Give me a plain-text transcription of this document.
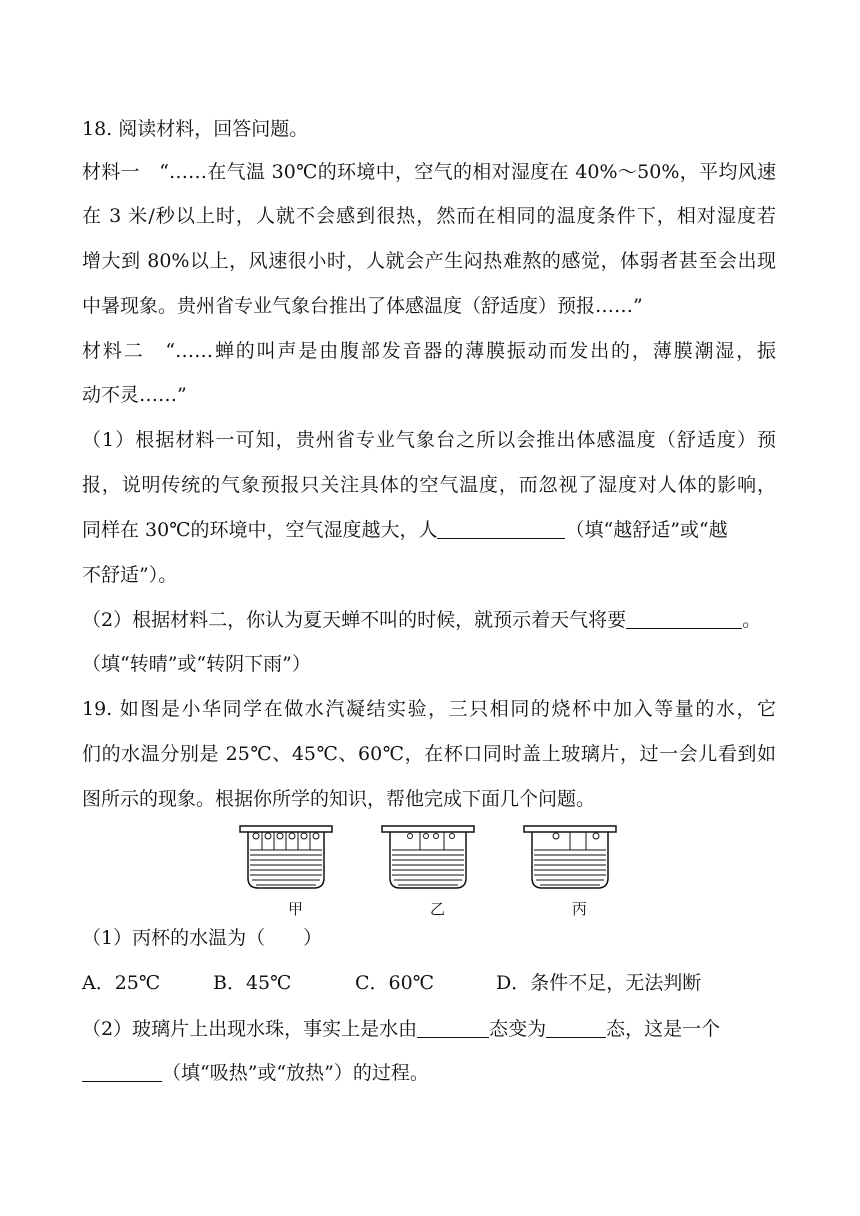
18. 阅读材料，回答问题。
材料一　“……在气温 30℃的环境中，空气的相对湿度在 40%～50%，平均风速
在 3 米/秒以上时，人就不会感到很热，然而在相同的温度条件下，相对湿度若
增大到 80%以上，风速很小时，人就会产生闷热难熬的感觉，体弱者甚至会出现
中暑现象。贵州省专业气象台推出了体感温度（舒适度）预报……”
材料二　“……蝉的叫声是由腹部发音器的薄膜振动而发出的，薄膜潮湿，振
动不灵……”
（1）根据材料一可知，贵州省专业气象台之所以会推出体感温度（舒适度）预
报，说明传统的气象预报只关注具体的空气温度，而忽视了湿度对人体的影响，
同样在 30℃的环境中，空气湿度越大，人	（填“越舒适”或“越
不舒适”）。
（2）根据材料二，你认为夏天蝉不叫的时候，就预示着天气将要	。
（填“转晴”或“转阴下雨”）
19. 如图是小华同学在做水汽凝结实验，三只相同的烧杯中加入等量的水，它
们的水温分别是 25℃、45℃、60℃，在杯口同时盖上玻璃片，过一会儿看到如
图所示的现象。根据你所学的知识，帮他完成下面几个问题。
甲	乙	丙
（1）丙杯的水温为（　　）
A．25℃	B．45℃	C．60℃	D．条件不足，无法判断
（2）玻璃片上出现水珠，事实上是水由	态变为	态，这是一个
（填“吸热”或“放热”）的过程。
